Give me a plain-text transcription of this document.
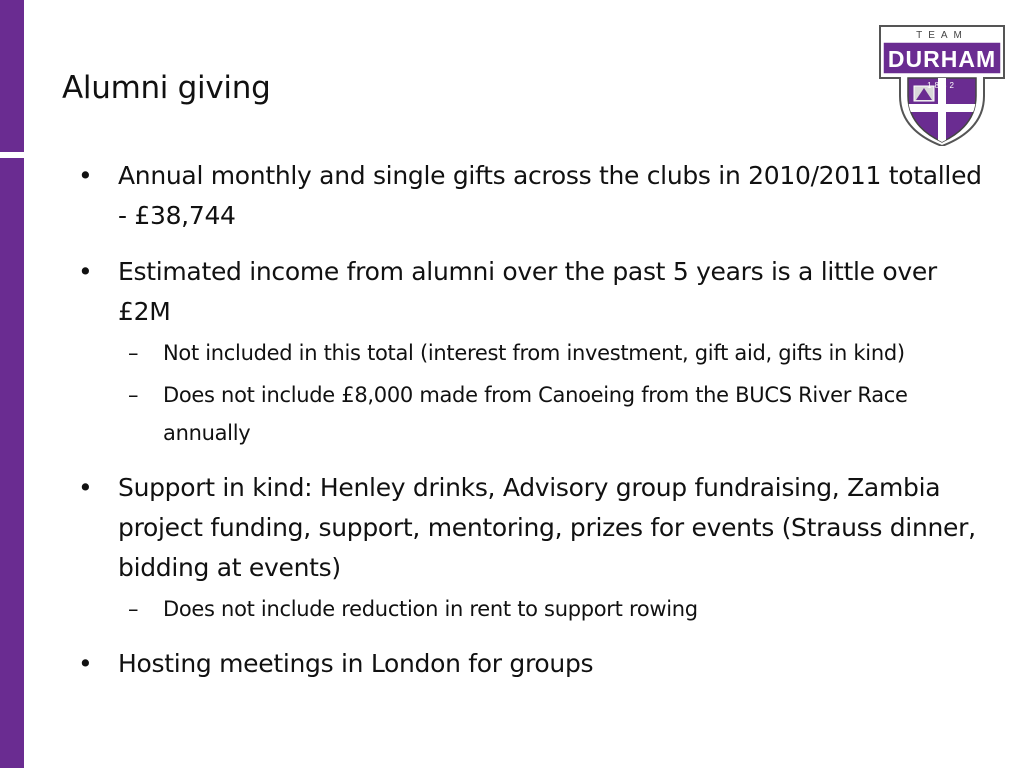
Alumni giving
TEAM
DURHAM
1832
• Annual monthly and single gifts across the clubs in 2010/2011 totalled - £38,744
• Estimated income from alumni over the past 5 years is a little over £2M
– Not included in this total (interest from investment, gift aid, gifts in kind)
– Does not include £8,000 made from Canoeing from the BUCS River Race annually
• Support in kind: Henley drinks, Advisory group fundraising, Zambia project funding, support, mentoring, prizes for events (Strauss dinner, bidding at events)
– Does not include reduction in rent to support rowing
• Hosting meetings in London for groups
